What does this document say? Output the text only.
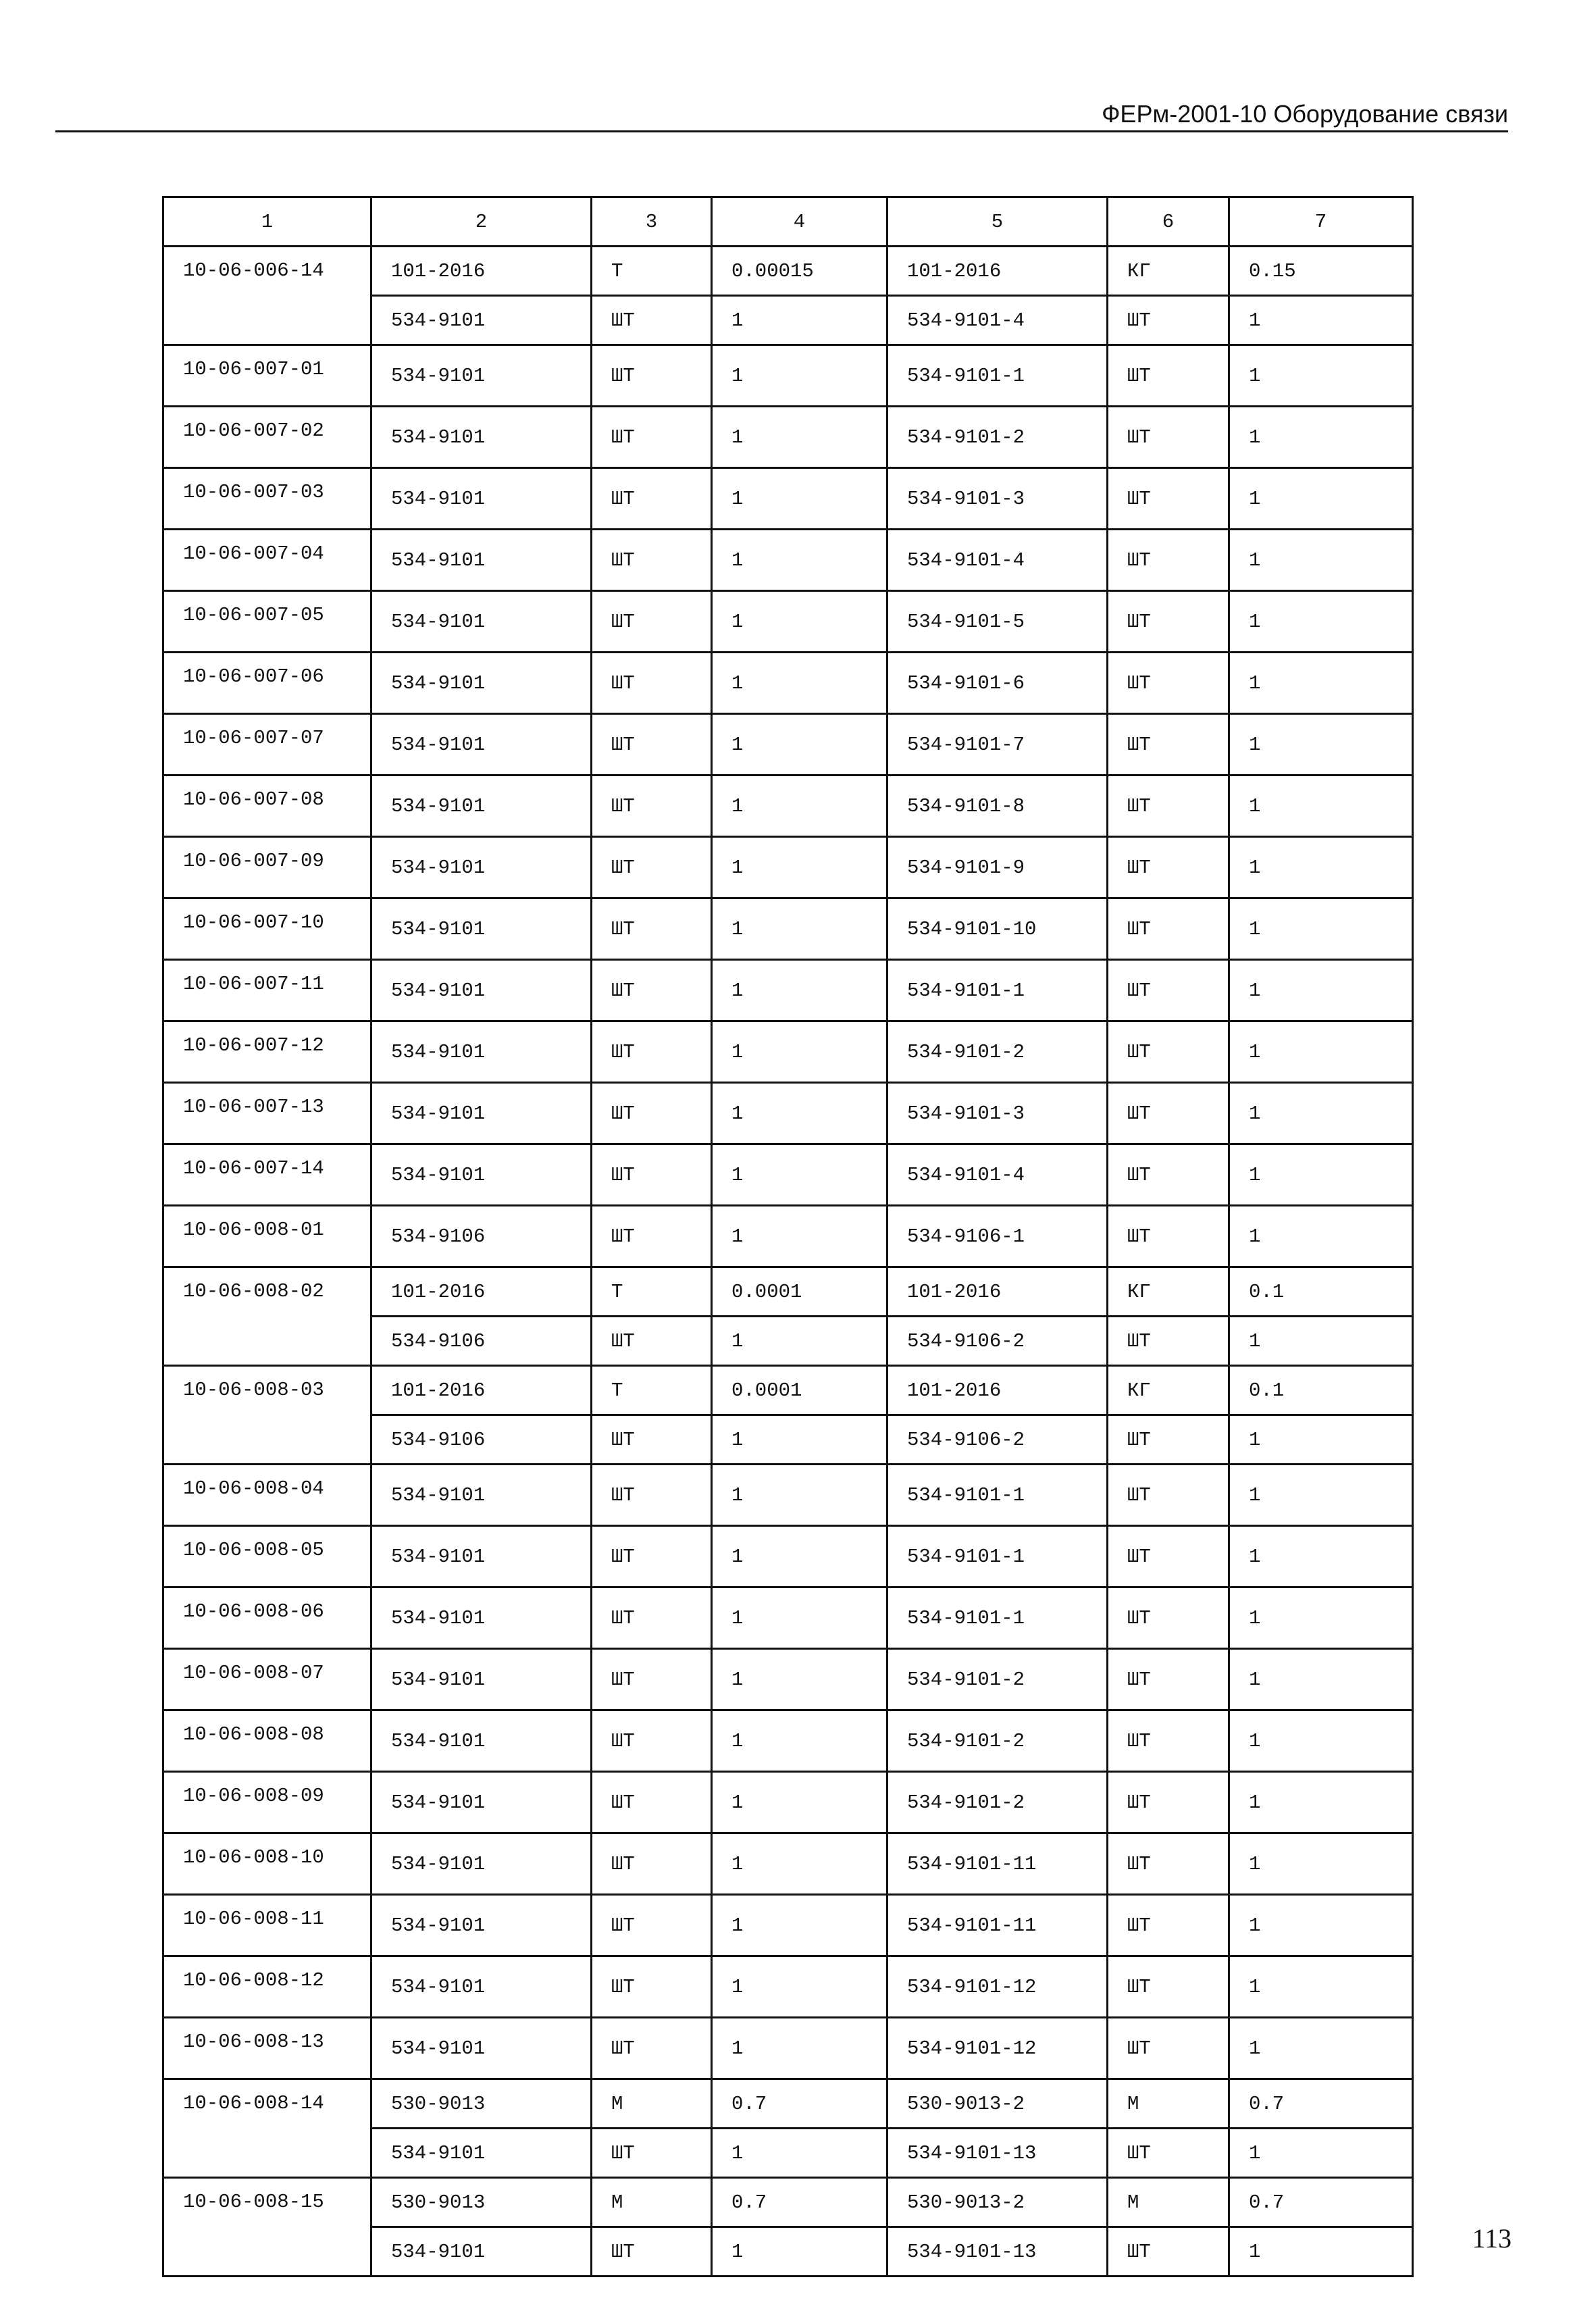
ФЕРм-2001-10 Оборудование связи
1	2	3	4	5	6	7
10-06-006-14	101-2016	Т	0.00015	101-2016	КГ	0.15
	534-9101	ШТ	1	534-9101-4	ШТ	1
10-06-007-01	534-9101	ШТ	1	534-9101-1	ШТ	1
10-06-007-02	534-9101	ШТ	1	534-9101-2	ШТ	1
10-06-007-03	534-9101	ШТ	1	534-9101-3	ШТ	1
10-06-007-04	534-9101	ШТ	1	534-9101-4	ШТ	1
10-06-007-05	534-9101	ШТ	1	534-9101-5	ШТ	1
10-06-007-06	534-9101	ШТ	1	534-9101-6	ШТ	1
10-06-007-07	534-9101	ШТ	1	534-9101-7	ШТ	1
10-06-007-08	534-9101	ШТ	1	534-9101-8	ШТ	1
10-06-007-09	534-9101	ШТ	1	534-9101-9	ШТ	1
10-06-007-10	534-9101	ШТ	1	534-9101-10	ШТ	1
10-06-007-11	534-9101	ШТ	1	534-9101-1	ШТ	1
10-06-007-12	534-9101	ШТ	1	534-9101-2	ШТ	1
10-06-007-13	534-9101	ШТ	1	534-9101-3	ШТ	1
10-06-007-14	534-9101	ШТ	1	534-9101-4	ШТ	1
10-06-008-01	534-9106	ШТ	1	534-9106-1	ШТ	1
10-06-008-02	101-2016	Т	0.0001	101-2016	КГ	0.1
	534-9106	ШТ	1	534-9106-2	ШТ	1
10-06-008-03	101-2016	Т	0.0001	101-2016	КГ	0.1
	534-9106	ШТ	1	534-9106-2	ШТ	1
10-06-008-04	534-9101	ШТ	1	534-9101-1	ШТ	1
10-06-008-05	534-9101	ШТ	1	534-9101-1	ШТ	1
10-06-008-06	534-9101	ШТ	1	534-9101-1	ШТ	1
10-06-008-07	534-9101	ШТ	1	534-9101-2	ШТ	1
10-06-008-08	534-9101	ШТ	1	534-9101-2	ШТ	1
10-06-008-09	534-9101	ШТ	1	534-9101-2	ШТ	1
10-06-008-10	534-9101	ШТ	1	534-9101-11	ШТ	1
10-06-008-11	534-9101	ШТ	1	534-9101-11	ШТ	1
10-06-008-12	534-9101	ШТ	1	534-9101-12	ШТ	1
10-06-008-13	534-9101	ШТ	1	534-9101-12	ШТ	1
10-06-008-14	530-9013	М	0.7	530-9013-2	М	0.7
	534-9101	ШТ	1	534-9101-13	ШТ	1
10-06-008-15	530-9013	М	0.7	530-9013-2	М	0.7
	534-9101	ШТ	1	534-9101-13	ШТ	1	113
